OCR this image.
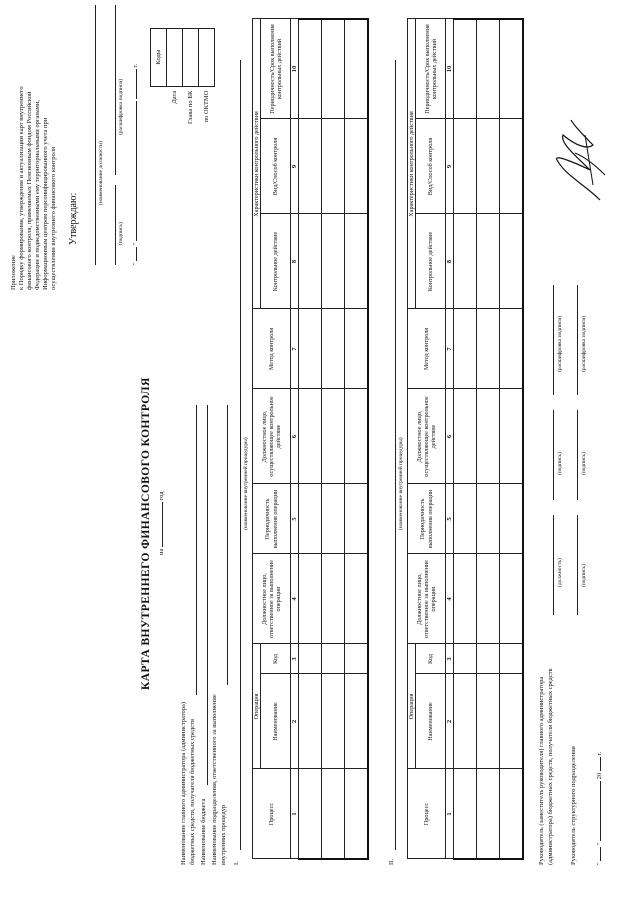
Приложение к Порядку формирования, утверждения и актуализации карт внутреннего финансового контроля, применяемых Пенсионным фондом Российской Федерации и подведомственными ему территориальными органами, Информационным центром персонифицированного учета при осуществлении внутреннего финансового контроля Утверждаю:
(наименование должности)
(подпись)
(расшифровка подписи)
"  "   г.
	Коды
Дата	
Глава по БК	
по ОКТМО	
КАРТА ВНУТРЕННЕГО ФИНАНСОВОГО КОНТРОЛЯ на  год
Наименование главного администратора (администратора) бюджетных средств, получателя бюджетных средств Наименование бюджета Наименование подразделения, ответственного за выполнение внутренних процедур I.
(наименование внутренней процедуры)
Процесс	Операция		Должностное лицо, ответственное за выполнение операции	Периодичность выполнения операции	Должностное лицо, осуществляющее контрольное действие	Метод контроля	Характеристики контрольного действия		
	Наименование	Код					Контрольное действие	Вид/Способ контроля	Периодичность/Срок выполнения контрольных действий
1	2	3	4	5	6	7	8	9	10

II.
(наименование внутренней процедуры)
Процесс	Операция		Должностное лицо, ответственное за выполнение операции	Периодичность выполнения операции	Должностное лицо, осуществляющее контрольное действие	Метод контроля	Характеристики контрольного действия		
	Наименование	Код					Контрольное действие	Вид/Способ контроля	Периодичность/Срок выполнения контрольных действий
1	2	3	4	5	6	7	8	9	10

Руководитель (заместитель руководителя) главного администратора (администратора) бюджетных средств, получателя бюджетных средств
(должность)
(подпись)
(расшифровка подписи)
Руководитель структурного подразделения
(подпись)
(подпись)
(расшифровка подписи)
"  "  20  г.
